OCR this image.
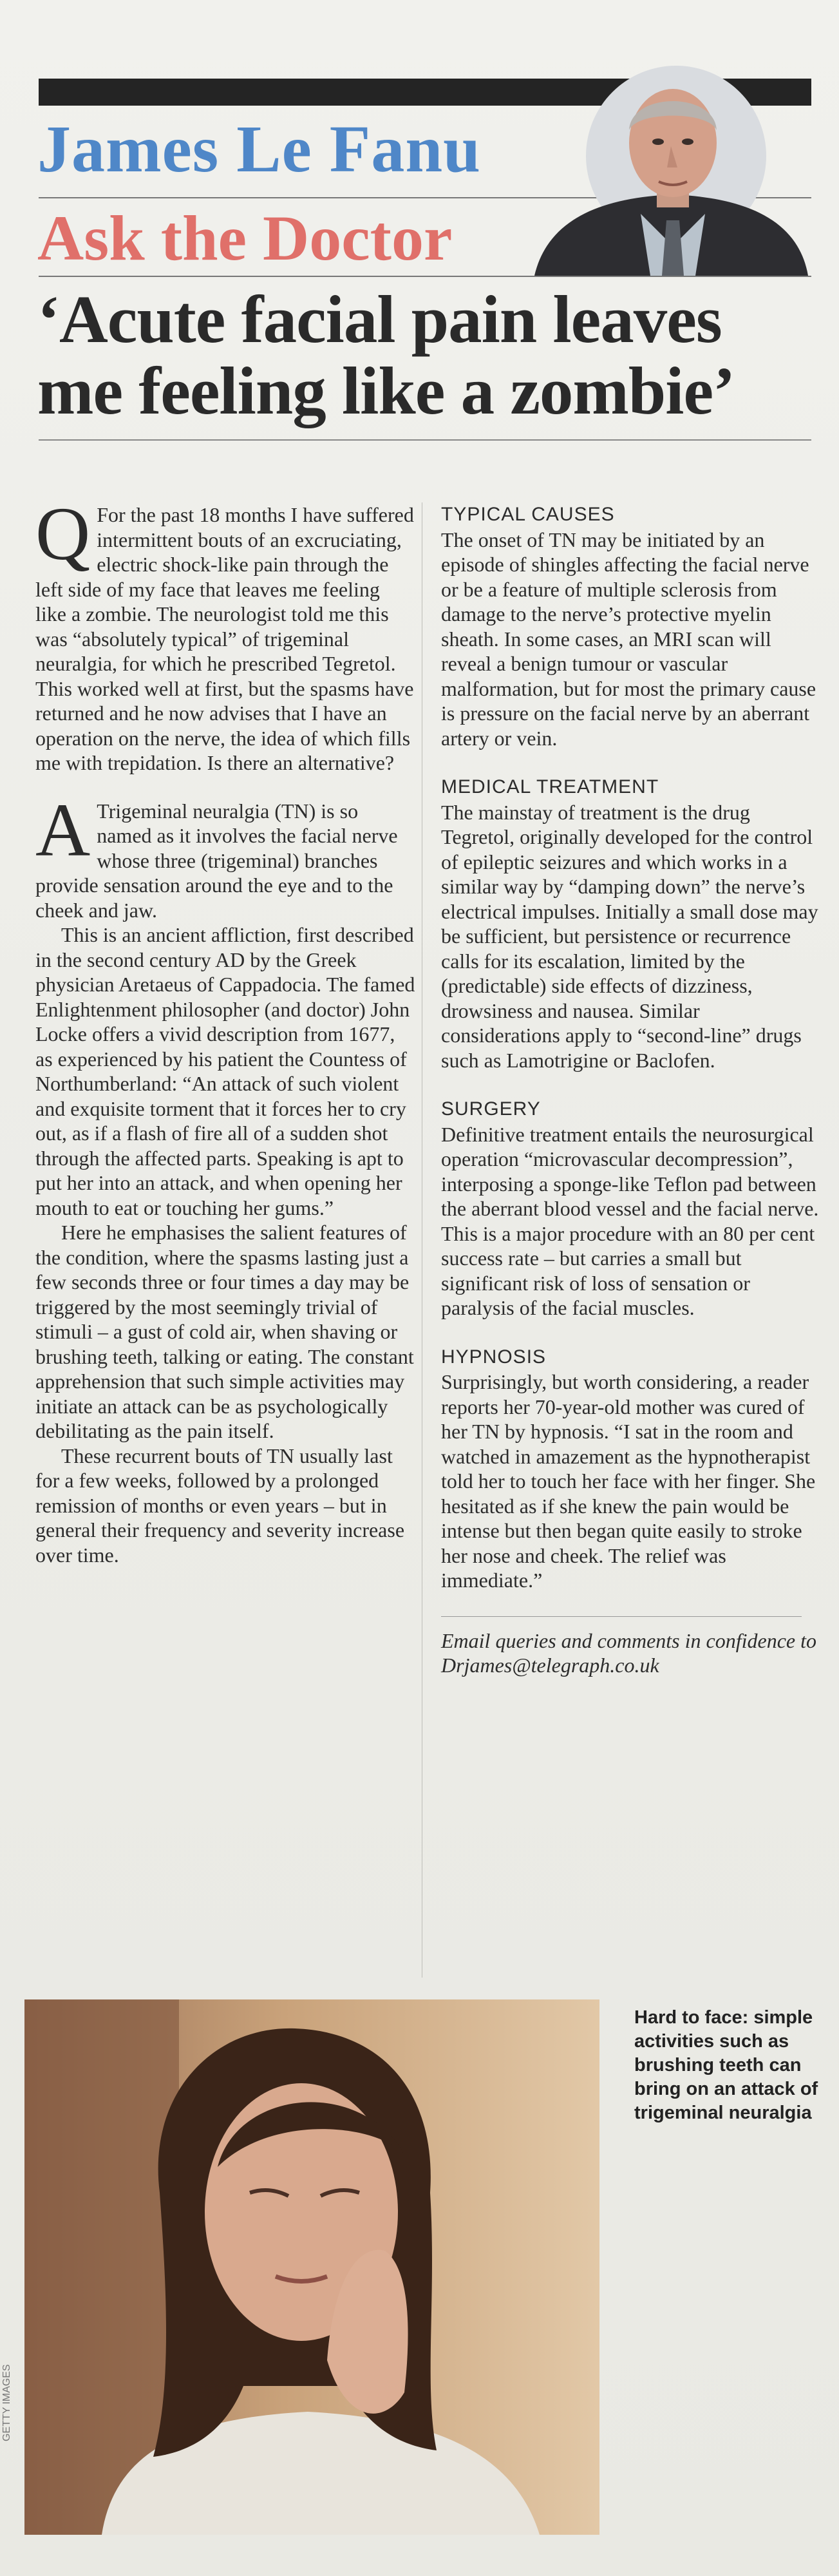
James Le Fanu
Ask the Doctor
‘Acute facial pain leaves
me feeling like a zombie’

Q For the past 18 months I have suffered intermittent bouts of an excruciating, electric shock-like pain through the left side of my face that leaves me feeling like a zombie. The neurologist told me this was “absolutely typical” of trigeminal neuralgia, for which he prescribed Tegretol. This worked well at first, but the spasms have returned and he now advises that I have an operation on the nerve, the idea of which fills me with trepidation. Is there an alternative?

A Trigeminal neuralgia (TN) is so named as it involves the facial nerve whose three (trigeminal) branches provide sensation around the eye and to the cheek and jaw.

This is an ancient affliction, first described in the second century AD by the Greek physician Aretaeus of Cappadocia. The famed Enlightenment philosopher (and doctor) John Locke offers a vivid description from 1677, as experienced by his patient the Countess of Northumberland: “An attack of such violent and exquisite torment that it forces her to cry out, as if a flash of fire all of a sudden shot through the affected parts. Speaking is apt to put her into an attack, and when opening her mouth to eat or touching her gums.”

Here he emphasises the salient features of the condition, where the spasms lasting just a few seconds three or four times a day may be triggered by the most seemingly trivial of stimuli – a gust of cold air, when shaving or brushing teeth, talking or eating. The constant apprehension that such simple activities may initiate an attack can be as psychologically debilitating as the pain itself.

These recurrent bouts of TN usually last for a few weeks, followed by a prolonged remission of months or even years – but in general their frequency and severity increase over time.

TYPICAL CAUSES

The onset of TN may be initiated by an episode of shingles affecting the facial nerve or be a feature of multiple sclerosis from damage to the nerve’s protective myelin sheath. In some cases, an MRI scan will reveal a benign tumour or vascular malformation, but for most the primary cause is pressure on the facial nerve by an aberrant artery or vein.

MEDICAL TREATMENT

The mainstay of treatment is the drug Tegretol, originally developed for the control of epileptic seizures and which works in a similar way by “damping down” the nerve’s electrical impulses. Initially a small dose may be sufficient, but persistence or recurrence calls for its escalation, limited by the (predictable) side effects of dizziness, drowsiness and nausea. Similar considerations apply to “second-line” drugs such as Lamotrigine or Baclofen.

SURGERY

Definitive treatment entails the neurosurgical operation “microvascular decompression”, interposing a sponge-like Teflon pad between the aberrant blood vessel and the facial nerve. This is a major procedure with an 80 per cent success rate – but carries a small but significant risk of loss of sensation or paralysis of the facial muscles.

HYPNOSIS

Surprisingly, but worth considering, a reader reports her 70-year-old mother was cured of her TN by hypnosis. “I sat in the room and watched in amazement as the hypnotherapist told her to touch her face with her finger. She hesitated as if she knew the pain would be intense but then began quite easily to stroke her nose and cheek. The relief was immediate.”

Email queries and comments in confidence to Drjames@telegraph.co.uk

Hard to face: simple activities such as brushing teeth can bring on an attack of trigeminal neuralgia
GETTY IMAGES
